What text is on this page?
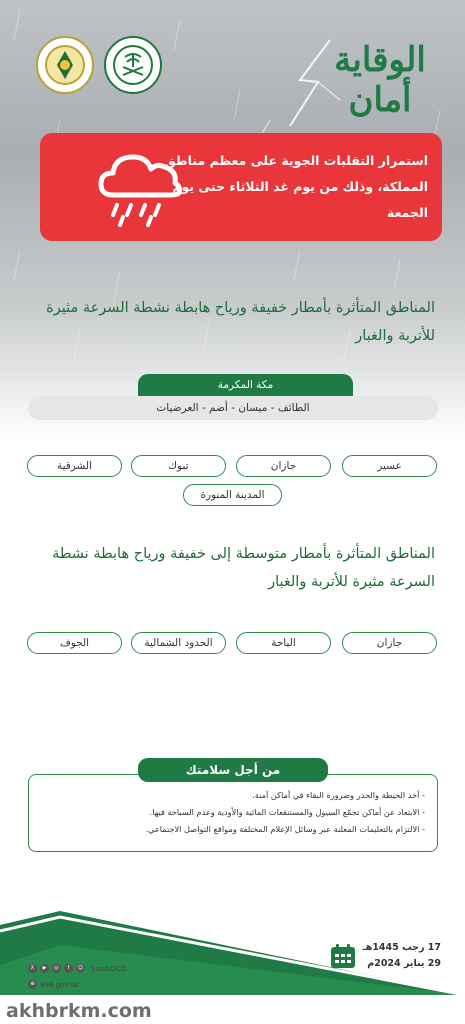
الوقاية أمان
استمرار التقلبات الجوية على معظم مناطق المملكة، وذلك من يوم غد الثلاثاء حتى يوم الجمعة
المناطق المتأثرة بأمطار خفيفة ورياح هابطة نشطة السرعة مثيرة للأتربة والغبار
مكة المكرمة
الطائف - ميسان - أضم - العرضيات
عسير
جازان
تبوك
الشرقية
المدينة المنورة
المناطق المتأثرة بأمطار متوسطة إلى خفيفة ورياح هابطة نشطة السرعة مثيرة للأتربة والغبار
جازان
الباحة
الحدود الشمالية
الجوف
- أخذ الحيطة والحذر وضرورة البقاء في أماكن آمنة.
- الابتعاد عن أماكن تجمّع السيول والمستنقعات المائية والأودية وعدم السباحة فيها.
- الالتزام بالتعليمات المعلنة عبر وسائل الإعلام المختلفة ومواقع التواصل الاجتماعي.
من أجل سلامتك
17 رجب 1445هـ
29 يناير 2024م
X	▶	◎	f	☺ SaudiDCD
⊕ 998.gov.sa
akhbrkm.com
